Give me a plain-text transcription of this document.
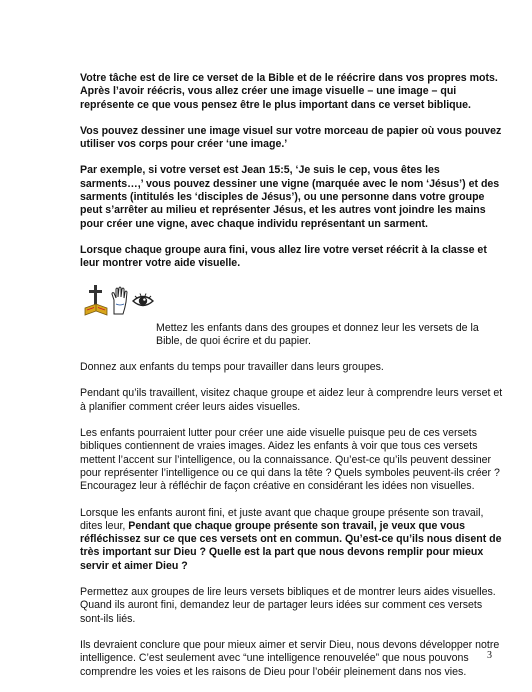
Votre tâche est de lire ce verset de la Bible et de le réécrire dans vos propres mots. Après l’avoir réécris, vous allez créer une image visuelle – une image – qui représente ce que vous pensez être le plus important dans ce verset biblique.

Vos pouvez dessiner une image visuel sur votre morceau de papier où vous pouvez utiliser vos corps pour créer ‘une image.’

Par exemple, si votre verset est Jean 15:5, ‘Je suis le cep, vous êtes les sarments…,’ vous pouvez dessiner une vigne (marquée avec le nom ‘Jésus’) et des sarments (intitulés les ‘disciples de Jésus’), ou une personne dans votre groupe peut s’arrêter au milieu et représenter Jésus, et les autres vont joindre les mains pour créer une vigne, avec chaque individu représentant un sarment.

Lorsque chaque groupe aura fini, vous allez lire votre verset réécrit à la classe et leur montrer votre aide visuelle.

Mettez les enfants dans des groupes et donnez leur les versets de la Bible, de quoi écrire et du papier.

Donnez aux enfants du temps pour travailler dans leurs groupes.

Pendant qu’ils travaillent, visitez chaque groupe et aidez leur à comprendre leurs verset et à planifier comment créer leurs aides visuelles.

Les enfants pourraient lutter pour créer une aide visuelle puisque peu de ces versets bibliques contiennent de vraies images. Aidez les enfants à voir que tous ces versets mettent l’accent sur l’intelligence, ou la connaissance. Qu’est-ce qu’ils peuvent dessiner pour représenter l’intelligence ou ce qui dans la tête ? Quels symboles peuvent-ils créer ? Encouragez leur à réfléchir de façon créative en considérant les idées non visuelles.

Lorsque les enfants auront fini, et juste avant que chaque groupe présente son travail, dites leur, Pendant que chaque groupe présente son travail, je veux que vous réfléchissez sur ce que ces versets ont en commun. Qu’est-ce qu’ils nous disent de très important sur Dieu ? Quelle est la part que nous devons remplir pour mieux servir et aimer Dieu ?

Permettez aux groupes de lire leurs versets bibliques et de montrer leurs aides visuelles. Quand ils auront fini, demandez leur de partager leurs idées sur comment ces versets sont-ils liés.

Ils devraient conclure que pour mieux aimer et servir Dieu, nous devons développer notre intelligence. C’est seulement avec “une intelligence renouvelée” que nous pouvons comprendre les voies et les raisons de Dieu pour l’obéir pleinement dans nos vies.

3
